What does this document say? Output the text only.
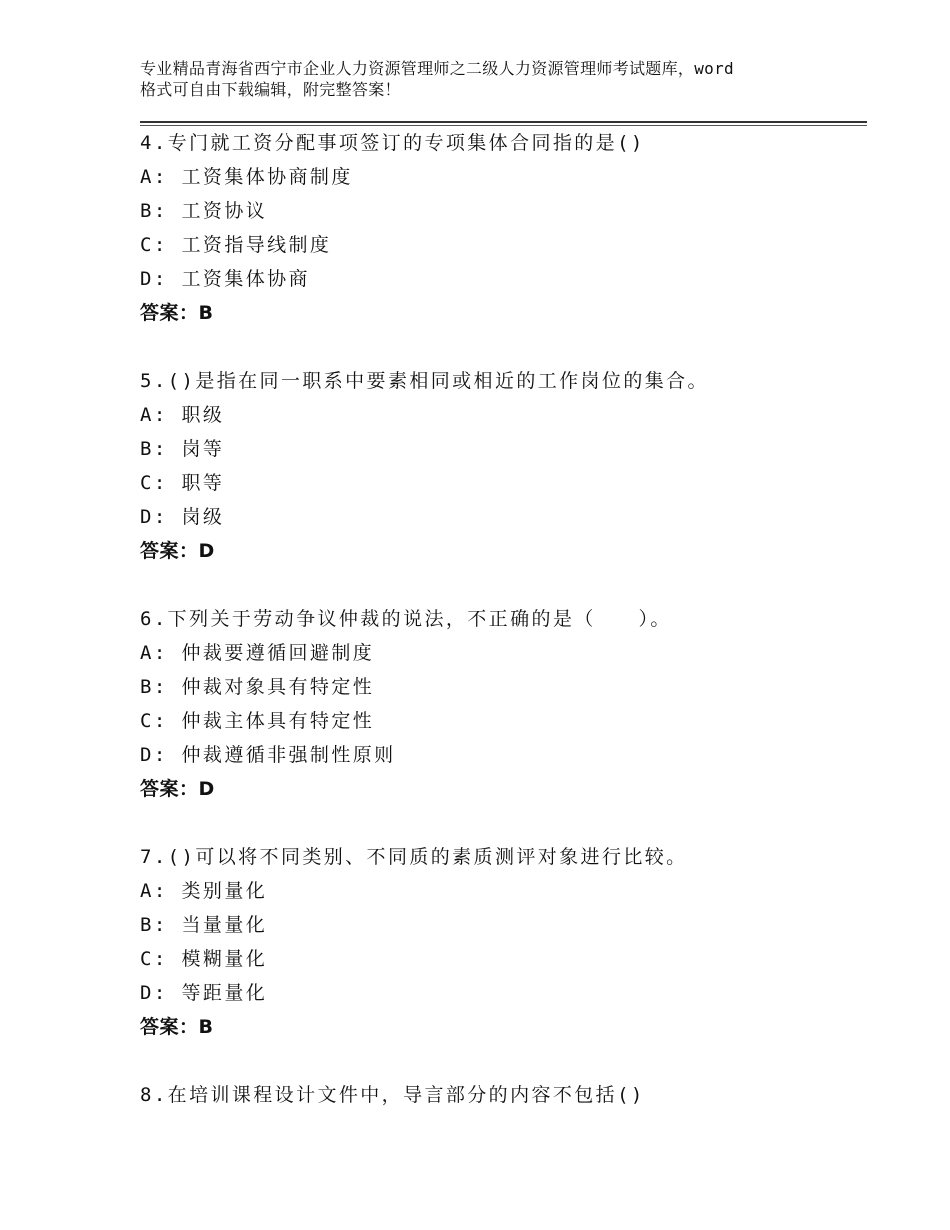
专业精品青海省西宁市企业人力资源管理师之二级人力资源管理师考试题库，word
格式可自由下载编辑，附完整答案！
4.专门就工资分配事项签订的专项集体合同指的是()
A: 工资集体协商制度
B: 工资协议
C: 工资指导线制度
D: 工资集体协商
答案：B
5.()是指在同一职系中要素相同或相近的工作岗位的集合。
A: 职级
B: 岗等
C: 职等
D: 岗级
答案：D
6.下列关于劳动争议仲裁的说法，不正确的是（　　）。
A: 仲裁要遵循回避制度
B: 仲裁对象具有特定性
C: 仲裁主体具有特定性
D: 仲裁遵循非强制性原则
答案：D
7.()可以将不同类别、不同质的素质测评对象进行比较。
A: 类别量化
B: 当量量化
C: 模糊量化
D: 等距量化
答案：B
8.在培训课程设计文件中，导言部分的内容不包括()
